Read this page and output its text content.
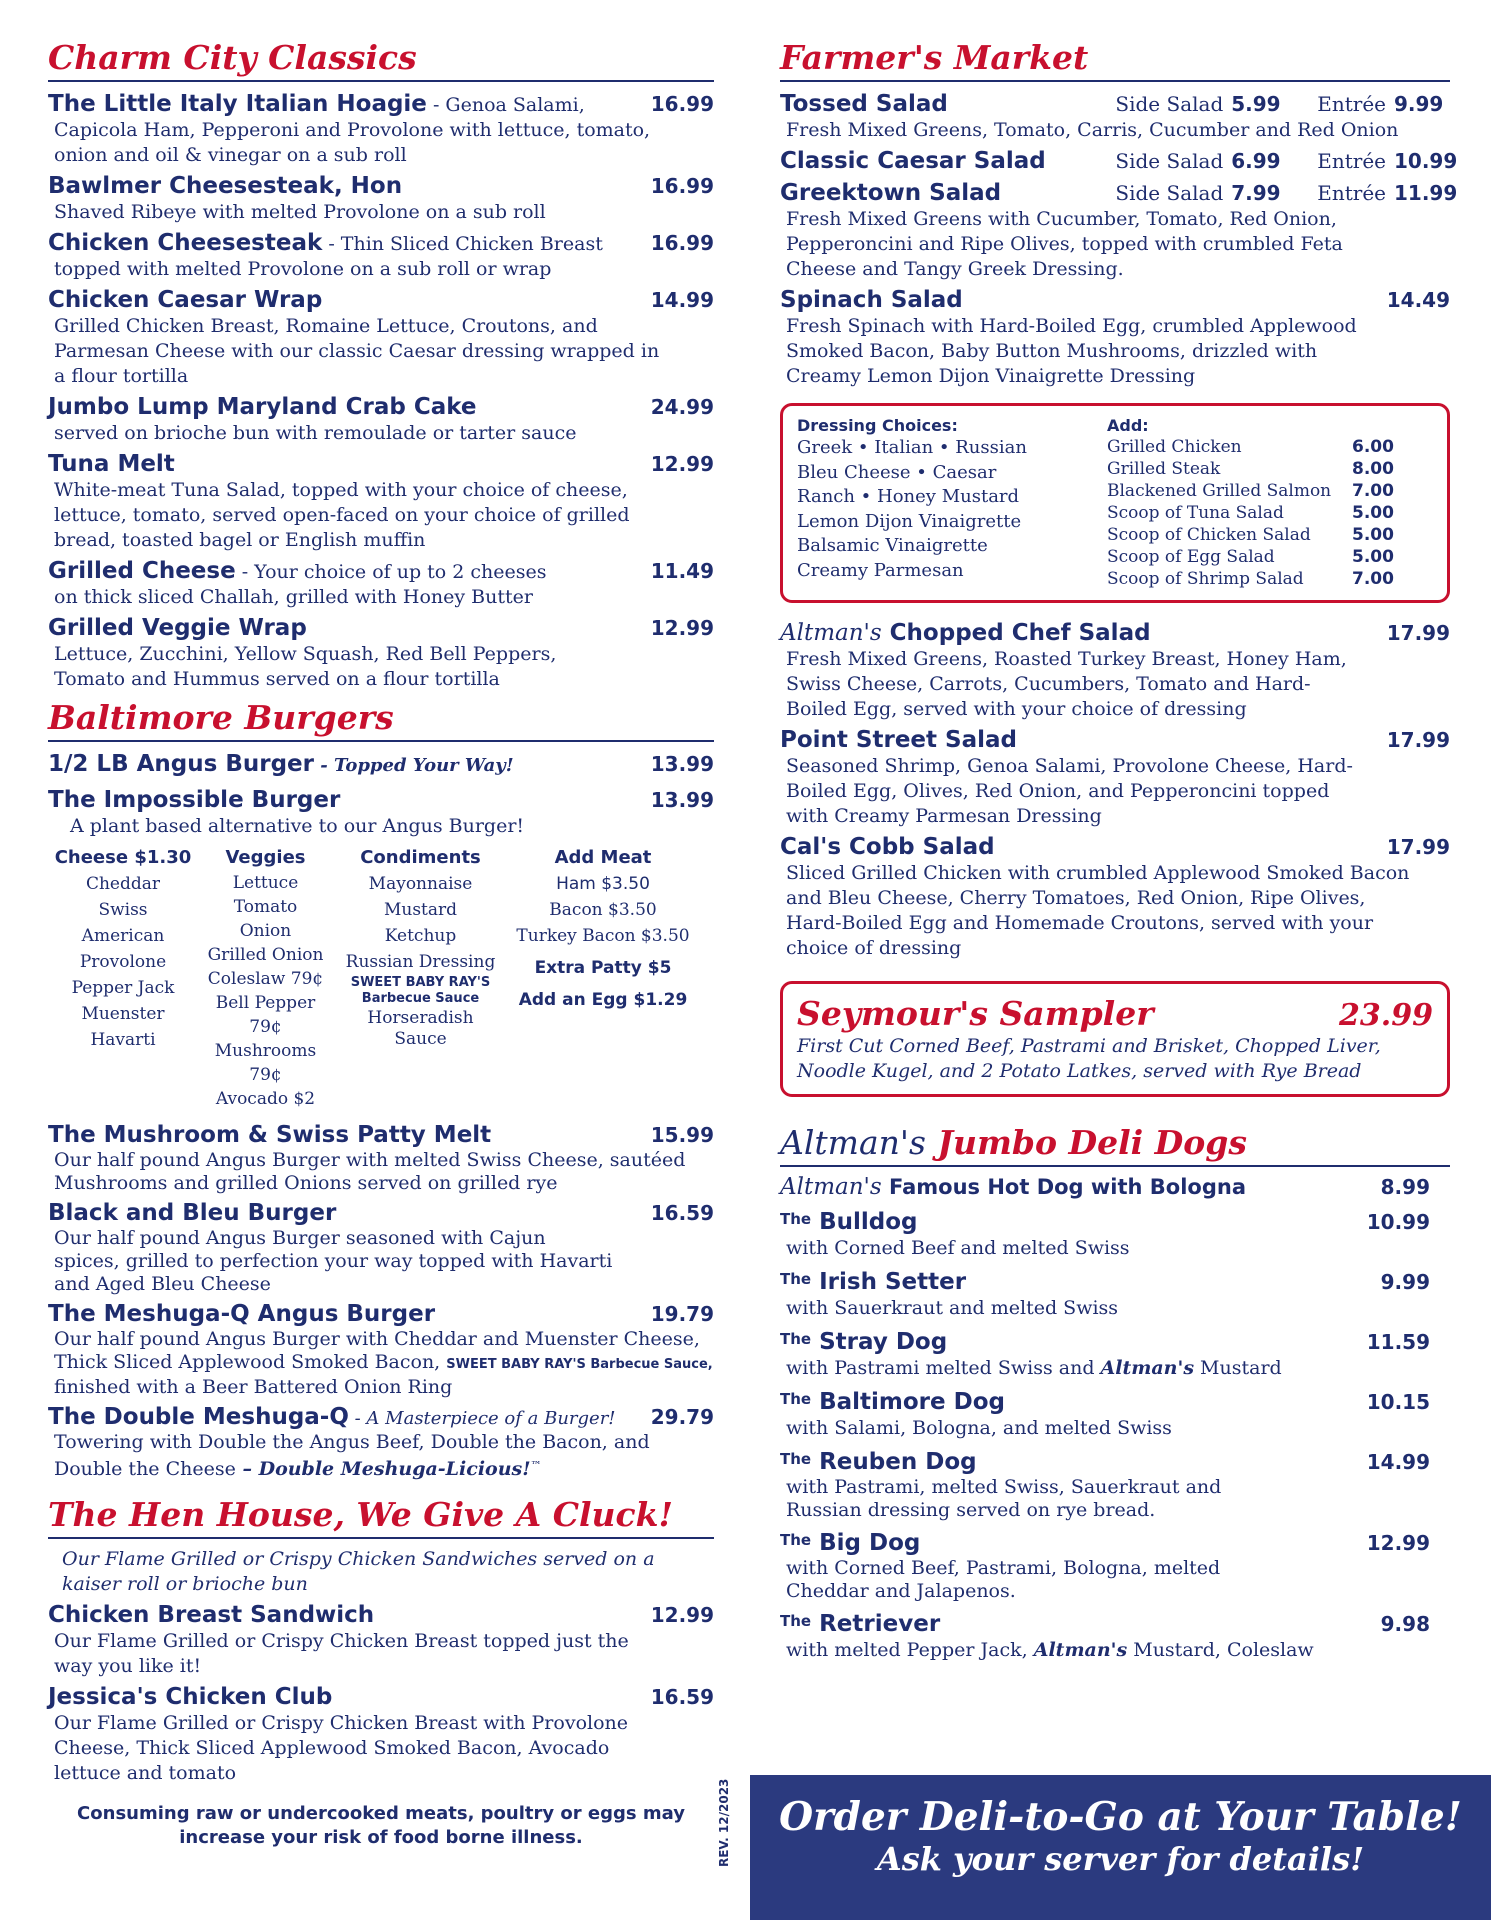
Charm City Classics
The Little Italy Italian Hoagie - Genoa Salami,	16.99
Capicola Ham, Pepperoni and Provolone with lettuce, tomato, onion and oil & vinegar on a sub roll
Bawlmer Cheesesteak, Hon	16.99
Shaved Ribeye with melted Provolone on a sub roll
Chicken Cheesesteak - Thin Sliced Chicken Breast 16.99
topped with melted Provolone on a sub roll or wrap
Chicken Caesar Wrap	14.99
Grilled Chicken Breast, Romaine Lettuce, Croutons, and Parmesan Cheese with our classic Caesar dressing wrapped in a flour tortilla
Jumbo Lump Maryland Crab Cake	24.99
served on brioche bun with remoulade or tarter sauce
Tuna Melt	12.99
White-meat Tuna Salad, topped with your choice of cheese, lettuce, tomato, served open-faced on your choice of grilled bread, toasted bagel or English muffin
Grilled Cheese - Your choice of up to 2 cheeses	11.49
on thick sliced Challah, grilled with Honey Butter
Grilled Veggie Wrap	12.99
Lettuce, Zucchini, Yellow Squash, Red Bell Peppers, Tomato and Hummus served on a flour tortilla
Baltimore Burgers
1/2 LB Angus Burger - Topped Your Way!	13.99
The Impossible Burger	13.99
A plant based alternative to our Angus Burger!
Cheese $1.30
Cheddar
Swiss
American
Provolone
Pepper Jack
Muenster
Havarti
Veggies
Lettuce
Tomato
Onion
Grilled Onion
Coleslaw 79¢
Bell Pepper 79¢
Mushrooms 79¢
Avocado $2
Condiments
Mayonnaise
Mustard
Ketchup
Russian Dressing
SWEET BABY RAY'S
Barbecue Sauce
Horseradish
Sauce
Add Meat
Ham $3.50
Bacon $3.50
Turkey Bacon $3.50
Extra Patty $5
Add an Egg $1.29
The Mushroom & Swiss Patty Melt	15.99
Our half pound Angus Burger with melted Swiss Cheese, sautéed Mushrooms and grilled Onions served on grilled rye
Black and Bleu Burger	16.59
Our half pound Angus Burger seasoned with Cajun spices, grilled to perfection your way topped with Havarti and Aged Bleu Cheese
The Meshuga-Q Angus Burger	19.79
Our half pound Angus Burger with Cheddar and Muenster Cheese, Thick Sliced Applewood Smoked Bacon, SWEET BABY RAY'S Barbecue Sauce, finished with a Beer Battered Onion Ring
The Double Meshuga-Q - A Masterpiece of a Burger! 29.79
Towering with Double the Angus Beef, Double the Bacon, and Double the Cheese – Double Meshuga-Licious!™
The Hen House, We Give A Cluck!
Our Flame Grilled or Crispy Chicken Sandwiches served on a kaiser roll or brioche bun
Chicken Breast Sandwich	12.99
Our Flame Grilled or Crispy Chicken Breast topped just the way you like it!
Jessica's Chicken Club	16.59
Our Flame Grilled or Crispy Chicken Breast with Provolone Cheese, Thick Sliced Applewood Smoked Bacon, Avocado lettuce and tomato
Consuming raw or undercooked meats, poultry or eggs may increase your risk of food borne illness.	REV. 12/2023
Farmer's Market
Tossed Salad	Side Salad 5.99	Entrée 9.99
Fresh Mixed Greens, Tomato, Carris, Cucumber and Red Onion
Classic Caesar Salad	Side Salad 6.99	Entrée 10.99
Greektown Salad	Side Salad 7.99	Entrée 11.99
Fresh Mixed Greens with Cucumber, Tomato, Red Onion, Pepperoncini and Ripe Olives, topped with crumbled Feta Cheese and Tangy Greek Dressing.
Spinach Salad	14.49
Fresh Spinach with Hard-Boiled Egg, crumbled Applewood Smoked Bacon, Baby Button Mushrooms, drizzled with Creamy Lemon Dijon Vinaigrette Dressing
Dressing Choices:
Greek • Italian • Russian
Bleu Cheese • Caesar
Ranch • Honey Mustard
Lemon Dijon Vinaigrette
Balsamic Vinaigrette
Creamy Parmesan
Add:
Grilled Chicken	6.00
Grilled Steak	8.00
Blackened Grilled Salmon	7.00
Scoop of Tuna Salad	5.00
Scoop of Chicken Salad	5.00
Scoop of Egg Salad	5.00
Scoop of Shrimp Salad	7.00
Altman's Chopped Chef Salad	17.99
Fresh Mixed Greens, Roasted Turkey Breast, Honey Ham, Swiss Cheese, Carrots, Cucumbers, Tomato and Hard-Boiled Egg, served with your choice of dressing
Point Street Salad	17.99
Seasoned Shrimp, Genoa Salami, Provolone Cheese, Hard-Boiled Egg, Olives, Red Onion, and Pepperoncini topped with Creamy Parmesan Dressing
Cal's Cobb Salad	17.99
Sliced Grilled Chicken with crumbled Applewood Smoked Bacon and Bleu Cheese, Cherry Tomatoes, Red Onion, Ripe Olives, Hard-Boiled Egg and Homemade Croutons, served with your choice of dressing
Seymour's Sampler	23.99
First Cut Corned Beef, Pastrami and Brisket, Chopped Liver, Noodle Kugel, and 2 Potato Latkes, served with Rye Bread
Altman's Jumbo Deli Dogs
Altman's Famous Hot Dog with Bologna	8.99
$^{The}$ Bulldog	10.99
with Corned Beef and melted Swiss
$^{The}$ Irish Setter	9.99
with Sauerkraut and melted Swiss
$^{The}$ Stray Dog	11.59
with Pastrami melted Swiss and Altman's Mustard
$^{The}$ Baltimore Dog	10.15
with Salami, Bologna, and melted Swiss
$^{The}$ Reuben Dog	14.99
with Pastrami, melted Swiss, Sauerkraut and Russian dressing served on rye bread.
$^{The}$ Big Dog	12.99
with Corned Beef, Pastrami, Bologna, melted Cheddar and Jalapenos.
$^{The}$ Retriever	9.98
with melted Pepper Jack, Altman's Mustard, Coleslaw
Order Deli-to-Go at Your Table!
Ask your server for details!
